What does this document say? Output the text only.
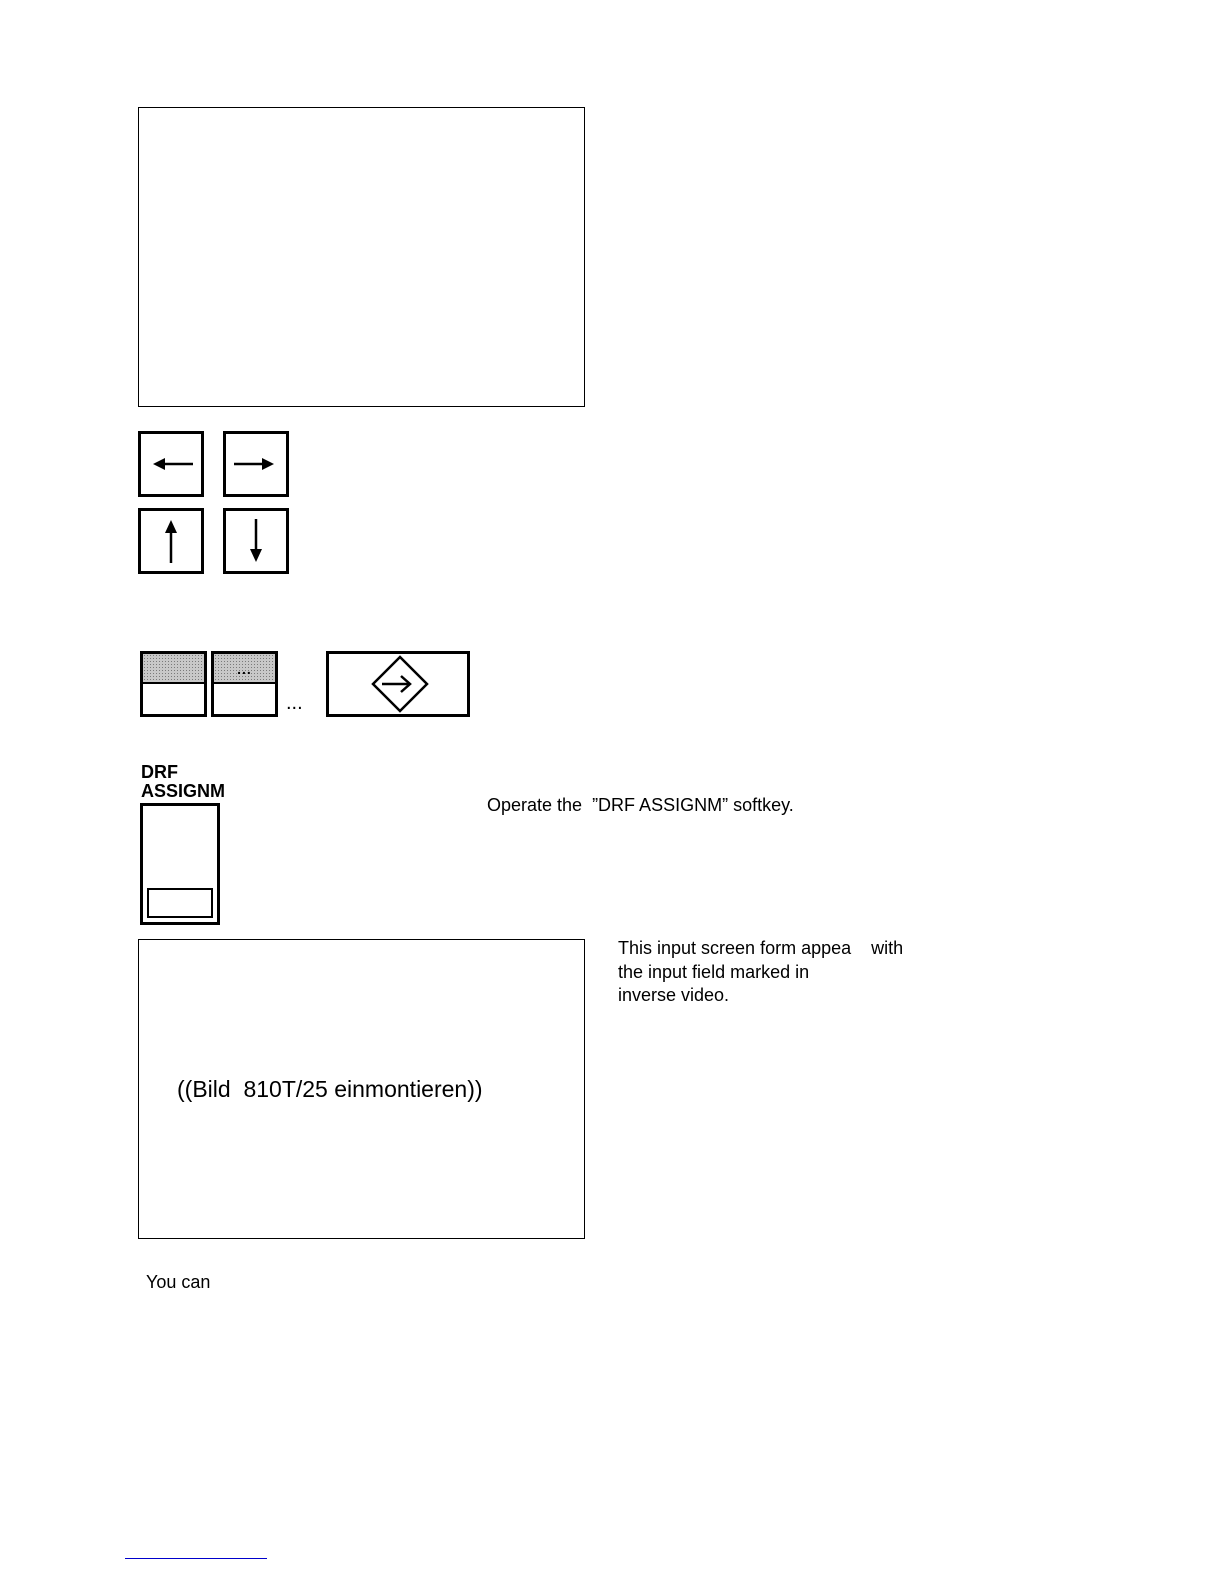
...
...
DRF
ASSIGNM
Operate the  ”DRF ASSIGNM” softkey.
((Bild  810T/25 einmontieren))
This input screen form appea    with
the input field marked in
inverse video.
You can
